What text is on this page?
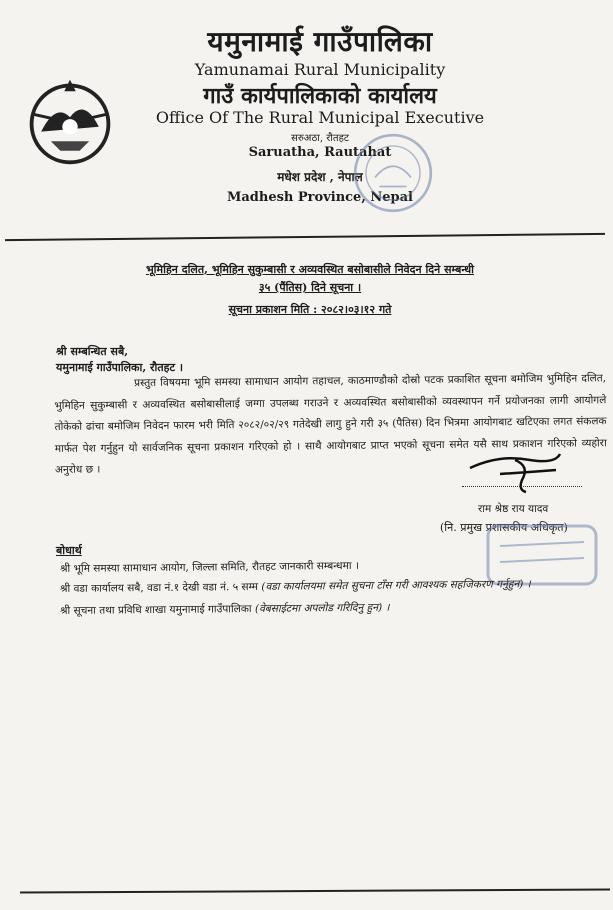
यमुनामाई गाउँपालिका
Yamunamai Rural Municipality
गाउँ कार्यपालिकाको कार्यालय
Office Of The Rural Municipal Executive
सरुअठा, रौतहट
Saruatha, Rautahat
मधेश प्रदेश , नेपाल
Madhesh Province, Nepal
भूमिहिन दलित, भूमिहिन सुकुम्बासी र अव्यवस्थित बसोबासीले निवेदन दिने सम्बन्धी
३५ (पैंतिस) दिने सूचना ।
सूचना प्रकाशन मिति : २०८२।०३।१२ गते
श्री सम्बन्धित सबै,
यमुनामाई गाउँपालिका, रौतहट ।
प्रस्तुत विषयमा भूमि समस्या सामाधान आयोग तहाचल, काठमाण्डौको दोस्रो पटक प्रकाशित सूचना बमोजिम भुमिहिन दलित, भुमिहिन सुकुम्बासी र अव्यवस्थित बसोबासीलाई जग्गा उपलब्ध गराउने र अव्यवस्थित बसोबासीको व्यवस्थापन गर्ने प्रयोजनका लागी आयोगले तोकेको ढांचा बमोजिम निवेदन फारम भरी मिति २०८२/०२/२९ गतेदेखी लागु हुने गरी ३५ (पैतिस) दिन भित्रमा आयोगबाट खटिएका लगत संकलक मार्फत पेश गर्नुहुन यो सार्वजनिक सूचना प्रकाशन गरिएको हो । साथै आयोगबाट प्राप्त भएको सूचना समेत यसै साथ प्रकाशन गरिएको व्यहोरा अनुरोध छ ।
राम श्रेष्ठ राय यादव
(नि. प्रमुख प्रशासकीय अधिकृत)
बोधार्थ
श्री भूमि समस्या सामाधान आयोग, जिल्ला समिति, रौतहट जानकारी सम्बन्धमा ।
श्री वडा कार्यालय सबै, वडा नं.१ देखी वडा नं. ५ सम्म (वडा कार्यालयमा समेत सुचना टाँस गरी आवश्यक सहजिकरण गर्नुहुन) ।
श्री सूचना तथा प्रविधि शाखा यमुनामाई गाउँपालिका (वेबसाईटमा अपलोड गरिदिनु हुन) ।
